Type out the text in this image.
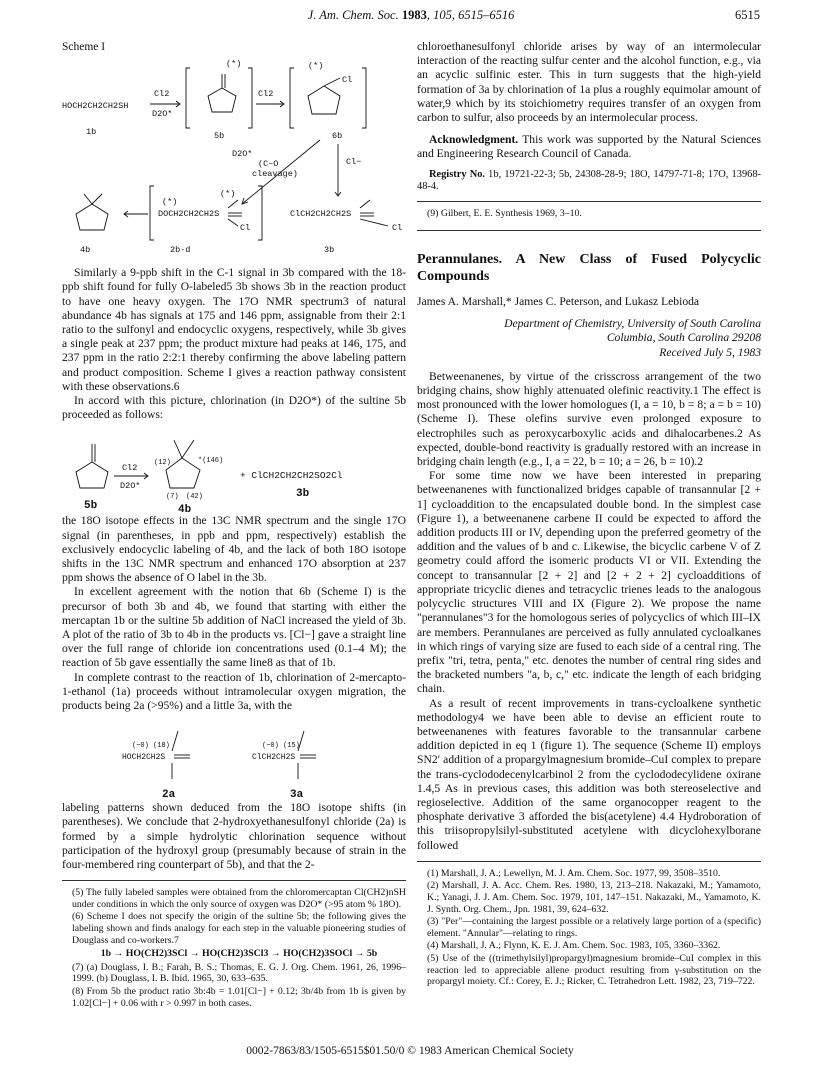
J. Am. Chem. Soc. 1983, 105, 6515–6516	6515
Scheme I
HOCH2CH2CH2SH
1b
Cl2
D2O*
5b
(*)
Cl2
(*)
Cl
6b
D2O*
(C–O
cleavage)
Cl−
(*)
(*)
DOCH2CH2CH2S
Cl
ClCH2CH2CH2S
Cl
4b	2b-d	3b

Similarly a 9-ppb shift in the C-1 signal in 3b compared with the 18-ppb shift found for fully O-labeled5 3b shows 3b in the reaction product to have one heavy oxygen. The 17O NMR spectrum3 of natural abundance 4b has signals at 175 and 146 ppm, assignable from their 2:1 ratio to the sulfonyl and endocyclic oxygens, respectively, while 3b gives a single peak at 237 ppm; the product mixture had peaks at 146, 175, and 237 ppm in the ratio 2:2:1 thereby confirming the above labeling pattern and product composition. Scheme I gives a reaction pathway consistent with these observations.6

In accord with this picture, chlorination (in D2O*) of the sultine 5b proceeded as follows:

Cl2
D2O*
(12)	*(146)
(7) (42)
+ ClCH2CH2CH2SO2Cl
5b	4b
3b

the 18O isotope effects in the 13C NMR spectrum and the single 17O signal (in parentheses, in ppb and ppm, respectively) establish the exclusively endocyclic labeling of 4b, and the lack of both 18O isotope shifts in the 13C NMR spectrum and enhanced 17O absorption at 237 ppm shows the absence of O label in the 3b.

In excellent agreement with the notion that 6b (Scheme I) is the precursor of both 3b and 4b, we found that starting with either the mercaptan 1b or the sultine 5b addition of NaCl increased the yield of 3b. A plot of the ratio of 3b to 4b in the products vs. [Cl−] gave a straight line over the full range of chloride ion concentrations used (0.1–4 M); the reaction of 5b gave essentially the same line8 as that of 1b.

In complete contrast to the reaction of 1b, chlorination of 2-mercapto-1-ethanol (1a) proceeds without intramolecular oxygen migration, the products being 2a (>95%) and a little 3a, with the

(~0) (18)
HOCH2CH2S
(~0) (15)
ClCH2CH2S
2a	3a

labeling patterns shown deduced from the 18O isotope shifts (in parentheses). We conclude that 2-hydroxyethanesulfonyl chloride (2a) is formed by a simple hydrolytic chlorination sequence without participation of the hydroxyl group (presumably because of strain in the four-membered ring counterpart of 5b), and that the 2-

(5) The fully labeled samples were obtained from the chloromercaptan Cl(CH2)nSH under conditions in which the only source of oxygen was D2O* (>95 atom % 18O).

(6) Scheme I does not specify the origin of the sultine 5b; the following gives the labeling shown and finds analogy for each step in the valuable pioneering studies of Douglass and co-workers.7

1b → HO(CH2)3SCl → HO(CH2)3SCl3 → HO(CH2)3SOCl → 5b

(7) (a) Douglass, I. B.; Farah, B. S.; Thomas, E. G. J. Org. Chem. 1961, 26, 1996–1999. (b) Douglass, I. B. Ibid. 1965, 30, 633–635.

(8) From 5b the product ratio 3b:4b = 1.01[Cl−] + 0.12; 3b/4b from 1b is given by 1.02[Cl−] + 0.06 with r > 0.997 in both cases.

chloroethanesulfonyl chloride arises by way of an intermolecular interaction of the reacting sulfur center and the alcohol function, e.g., via an acyclic sulfinic ester. This in turn suggests that the high-yield formation of 3a by chlorination of 1a plus a roughly equimolar amount of water,9 which by its stoichiometry requires transfer of an oxygen from carbon to sulfur, also proceeds by an intermolecular process.

Acknowledgment. This work was supported by the Natural Sciences and Engineering Research Council of Canada.

Registry No. 1b, 19721-22-3; 5b, 24308-28-9; 18O, 14797-71-8; 17O, 13968-48-4.

(9) Gilbert, E. E. Synthesis 1969, 3–10.

Perannulanes. A New Class of Fused Polycyclic Compounds
James A. Marshall,* James C. Peterson, and Lukasz Lebioda
Department of Chemistry, University of South Carolina
Columbia, South Carolina 29208
Received July 5, 1983

Betweenanenes, by virtue of the crisscross arrangement of the two bridging chains, show highly attenuated olefinic reactivity.1 The effect is most pronounced with the lower homologues (I, a = 10, b = 8; a = b = 10) (Scheme I). These olefins survive even prolonged exposure to electrophiles such as peroxycarboxylic acids and dihalocarbenes.2 As expected, double-bond reactivity is gradually restored with an increase in bridging chain length (e.g., I, a = 22, b = 10; a = 26, b = 10).2

For some time now we have been interested in preparing betweenanenes with functionalized bridges capable of transannular [2 + 1] cycloaddition to the encapsulated double bond. In the simplest case (Figure 1), a betweenanene carbene II could be expected to afford the addition products III or IV, depending upon the preferred geometry of the addition and the values of b and c. Likewise, the bicyclic carbene V of Z geometry could afford the isomeric products VI or VII. Extending the concept to transannular [2 + 2] and [2 + 2 + 2] cycloadditions of appropriate tricyclic dienes and tetracyclic trienes leads to the analogous polycyclic structures VIII and IX (Figure 2). We propose the name "perannulanes"3 for the homologous series of polycyclics of which III–IX are members. Perannulanes are perceived as fully annulated cycloalkanes in which rings of varying size are fused to each side of a central ring. The prefix "tri, tetra, penta," etc. denotes the number of central ring sides and the bracketed numbers "a, b, c," etc. indicate the length of each bridging chain.

As a result of recent improvements in trans-cycloalkene synthetic methodology4 we have been able to devise an efficient route to betweenanenes with features favorable to the transannular carbene addition depicted in eq 1 (figure 1). The sequence (Scheme II) employs SN2′ addition of a propargylmagnesium bromide–CuI complex to prepare the trans-cyclododecenylcarbinol 2 from the cyclododecylidene oxirane 1.4,5 As in previous cases, this addition was both stereoselective and regioselective. Addition of the same organocopper reagent to the phosphate derivative 3 afforded the bis(acetylene) 4.4 Hydroboration of this triisopropylsilyl-substituted acetylene with dicyclohexylborane followed

(1) Marshall, J. A.; Lewellyn, M. J. Am. Chem. Soc. 1977, 99, 3508–3510.

(2) Marshall, J. A. Acc. Chem. Res. 1980, 13, 213–218. Nakazaki, M.; Yamamoto, K.; Yanagi, J. J. Am. Chem. Soc. 1979, 101, 147–151. Nakazaki, M., Yamamoto, K. J. Synth. Org. Chem., Jpn. 1981, 39, 624–632.

(3) "Per"—containing the largest possible or a relatively large portion of a (specific) element. "Annular"—relating to rings.

(4) Marshall, J. A.; Flynn, K. E. J. Am. Chem. Soc. 1983, 105, 3360–3362.

(5) Use of the ((trimethylsilyl)propargyl)magnesium bromide–CuI complex in this reaction led to appreciable allene product resulting from γ-substitution on the propargyl moiety. Cf.: Corey, E. J.; Ricker, C. Tetrahedron Lett. 1982, 23, 719–722.

0002-7863/83/1505-6515$01.50/0 © 1983 American Chemical Society
